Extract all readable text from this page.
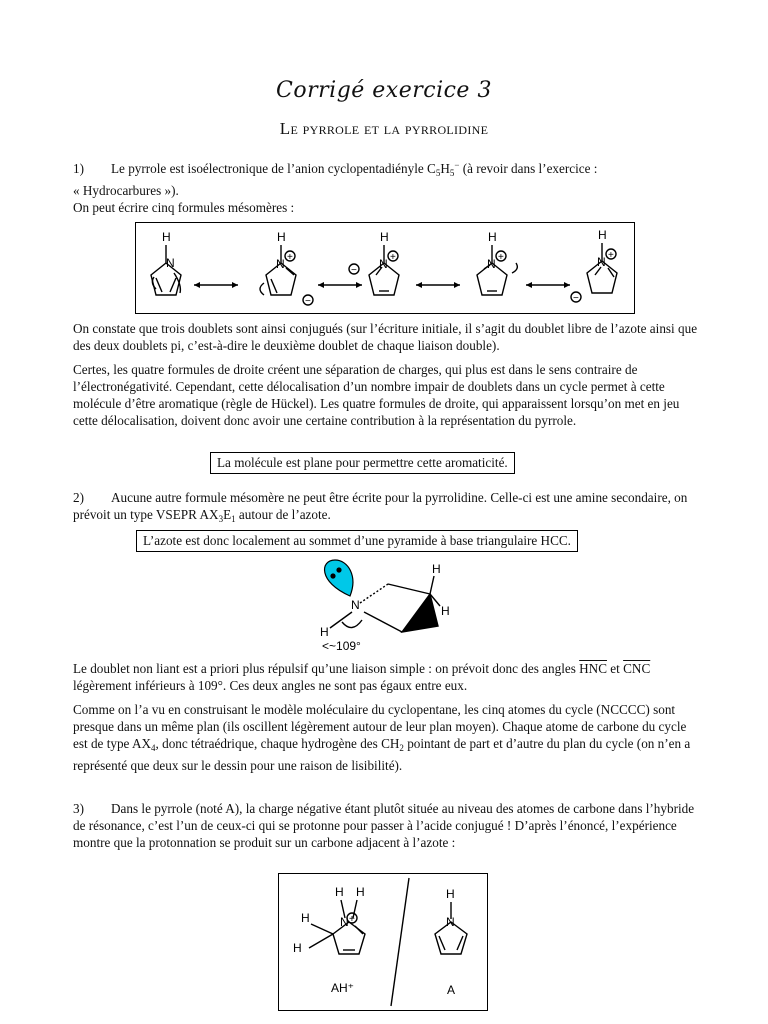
Corrigé exercice 3
Le pyrrole et la pyrrolidine
1) Le pyrrole est isoélectronique de l’anion cyclopentadiényle $C_5H_5^-$ (à revoir dans l’exercice :
« Hydrocarbures »).
On peut écrire cinq formules mésomères :
H
N
H
N
H
N
H
N
H
N
+	+	+	+
−
−
−
On constate que trois doublets sont ainsi conjugués (sur l’écriture initiale, il s’agit du doublet libre de l’azote ainsi que des deux doublets pi, c’est-à-dire le deuxième doublet de chaque liaison double).
Certes, les quatre formules de droite créent une séparation de charges, qui plus est dans le sens contraire de l’électronégativité. Cependant, cette délocalisation d’un nombre impair de doublets dans un cycle permet à cette molécule d’être aromatique (règle de Hückel). Les quatre formules de droite, qui apparaissent lorsqu’on met en jeu cette délocalisation, doivent donc avoir une certaine contribution à la représentation du pyrrole.
La molécule est plane pour permettre cette aromaticité.
2) Aucune autre formule mésomère ne peut être écrite pour la pyrrolidine. Celle-ci est une amine secondaire, on prévoit un type VSEPR $AX_3E_1$ autour de l’azote.
L’azote est donc localement au sommet d’une pyramide à base triangulaire HCC.
N
H
H
H
<~109°
Le doublet non liant est a priori plus répulsif qu’une liaison simple : on prévoit donc des angles $\overline{HNC}$ et $\overline{CNC}$ légèrement inférieurs à 109°. Ces deux angles ne sont pas égaux entre eux.
Comme on l’a vu en construisant le modèle moléculaire du cyclopentane, les cinq atomes du cycle (NCCCC) sont presque dans un même plan (ils oscillent légèrement autour de leur plan moyen). Chaque atome de carbone du cycle est de type $AX_4$, donc tétraédrique, chaque hydrogène des $CH_2$ pointant de part et d’autre du plan du cycle (on n’en a représenté que deux sur le dessin pour une raison de lisibilité).
3) Dans le pyrrole (noté A), la charge négative étant plutôt située au niveau des atomes de carbone dans l’hybride de résonance, c’est l’un de ceux-ci qui se protonne pour passer à l’acide conjugué ! D’après l’énoncé, l’expérience montre que la protonnation se produit sur un carbone adjacent à l’azote :
H H
N
H
H
H
N
+
AH⁺	A
